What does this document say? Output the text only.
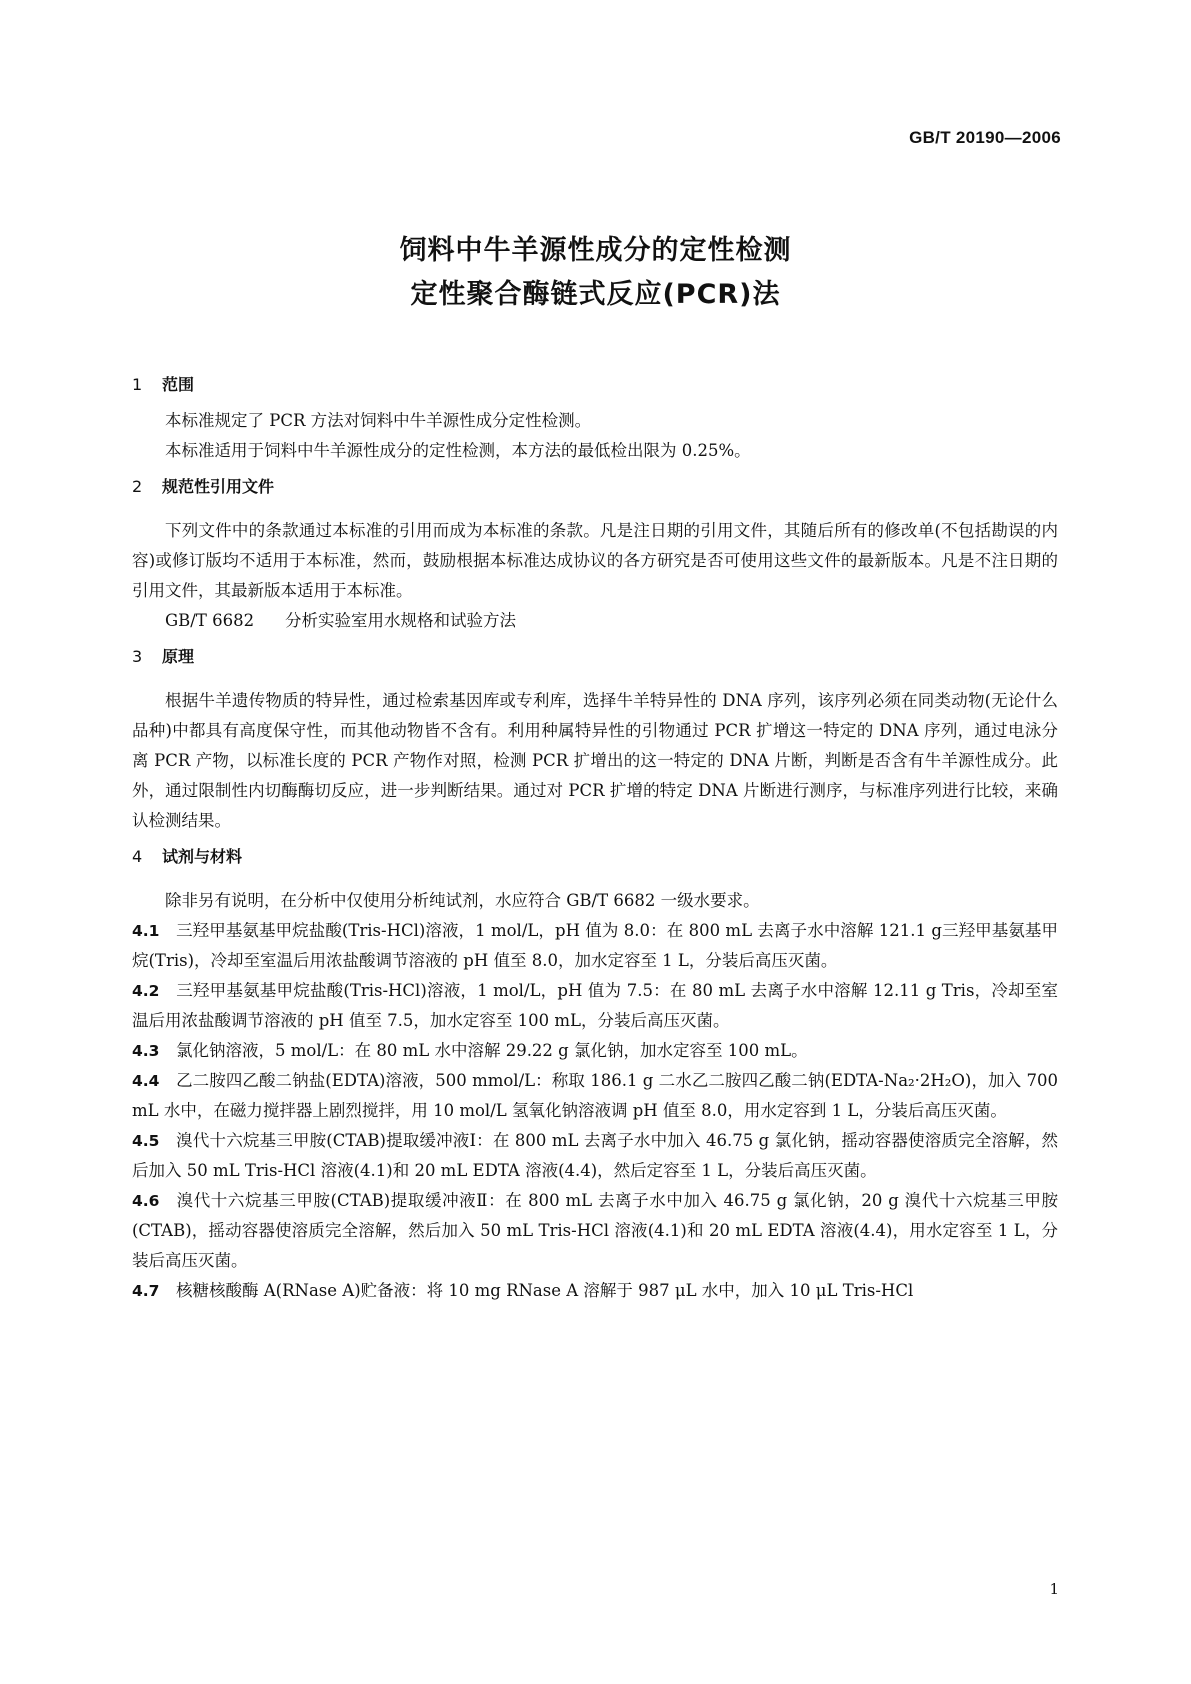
GB/T 20190—2006
饲料中牛羊源性成分的定性检测
定性聚合酶链式反应(PCR)法
1 范围

本标准规定了 PCR 方法对饲料中牛羊源性成分定性检测。

本标准适用于饲料中牛羊源性成分的定性检测，本方法的最低检出限为 0.25%。

2 规范性引用文件

下列文件中的条款通过本标准的引用而成为本标准的条款。凡是注日期的引用文件，其随后所有的修改单(不包括勘误的内容)或修订版均不适用于本标准，然而，鼓励根据本标准达成协议的各方研究是否可使用这些文件的最新版本。凡是不注日期的引用文件，其最新版本适用于本标准。

GB/T 6682 分析实验室用水规格和试验方法
3 原理

根据牛羊遗传物质的特异性，通过检索基因库或专利库，选择牛羊特异性的 DNA 序列，该序列必须在同类动物(无论什么品种)中都具有高度保守性，而其他动物皆不含有。利用种属特异性的引物通过 PCR 扩增这一特定的 DNA 序列，通过电泳分离 PCR 产物，以标准长度的 PCR 产物作对照，检测 PCR 扩增出的这一特定的 DNA 片断，判断是否含有牛羊源性成分。此外，通过限制性内切酶酶切反应，进一步判断结果。通过对 PCR 扩增的特定 DNA 片断进行测序，与标准序列进行比较，来确认检测结果。

4 试剂与材料

除非另有说明，在分析中仅使用分析纯试剂，水应符合 GB/T 6682 一级水要求。

4.1 三羟甲基氨基甲烷盐酸(Tris-HCl)溶液，1 mol/L，pH 值为 8.0：在 800 mL 去离子水中溶解 121.1 g三羟甲基氨基甲烷(Tris)，冷却至室温后用浓盐酸调节溶液的 pH 值至 8.0，加水定容至 1 L，分装后高压灭菌。

4.2 三羟甲基氨基甲烷盐酸(Tris-HCl)溶液，1 mol/L，pH 值为 7.5：在 80 mL 去离子水中溶解 12.11 g Tris，冷却至室温后用浓盐酸调节溶液的 pH 值至 7.5，加水定容至 100 mL，分装后高压灭菌。

4.3 氯化钠溶液，5 mol/L：在 80 mL 水中溶解 29.22 g 氯化钠，加水定容至 100 mL。

4.4 乙二胺四乙酸二钠盐(EDTA)溶液，500 mmol/L：称取 186.1 g 二水乙二胺四乙酸二钠(EDTA-Na₂·2H₂O)，加入 700 mL 水中，在磁力搅拌器上剧烈搅拌，用 10 mol/L 氢氧化钠溶液调 pH 值至 8.0，用水定容到 1 L，分装后高压灭菌。

4.5 溴代十六烷基三甲胺(CTAB)提取缓冲液Ⅰ：在 800 mL 去离子水中加入 46.75 g 氯化钠，摇动容器使溶质完全溶解，然后加入 50 mL Tris-HCl 溶液(4.1)和 20 mL EDTA 溶液(4.4)，然后定容至 1 L，分装后高压灭菌。

4.6 溴代十六烷基三甲胺(CTAB)提取缓冲液Ⅱ：在 800 mL 去离子水中加入 46.75 g 氯化钠，20 g 溴代十六烷基三甲胺(CTAB)，摇动容器使溶质完全溶解，然后加入 50 mL Tris-HCl 溶液(4.1)和 20 mL EDTA 溶液(4.4)，用水定容至 1 L，分装后高压灭菌。

4.7 核糖核酸酶 A(RNase A)贮备液：将 10 mg RNase A 溶解于 987 μL 水中，加入 10 μL Tris-HCl

1
